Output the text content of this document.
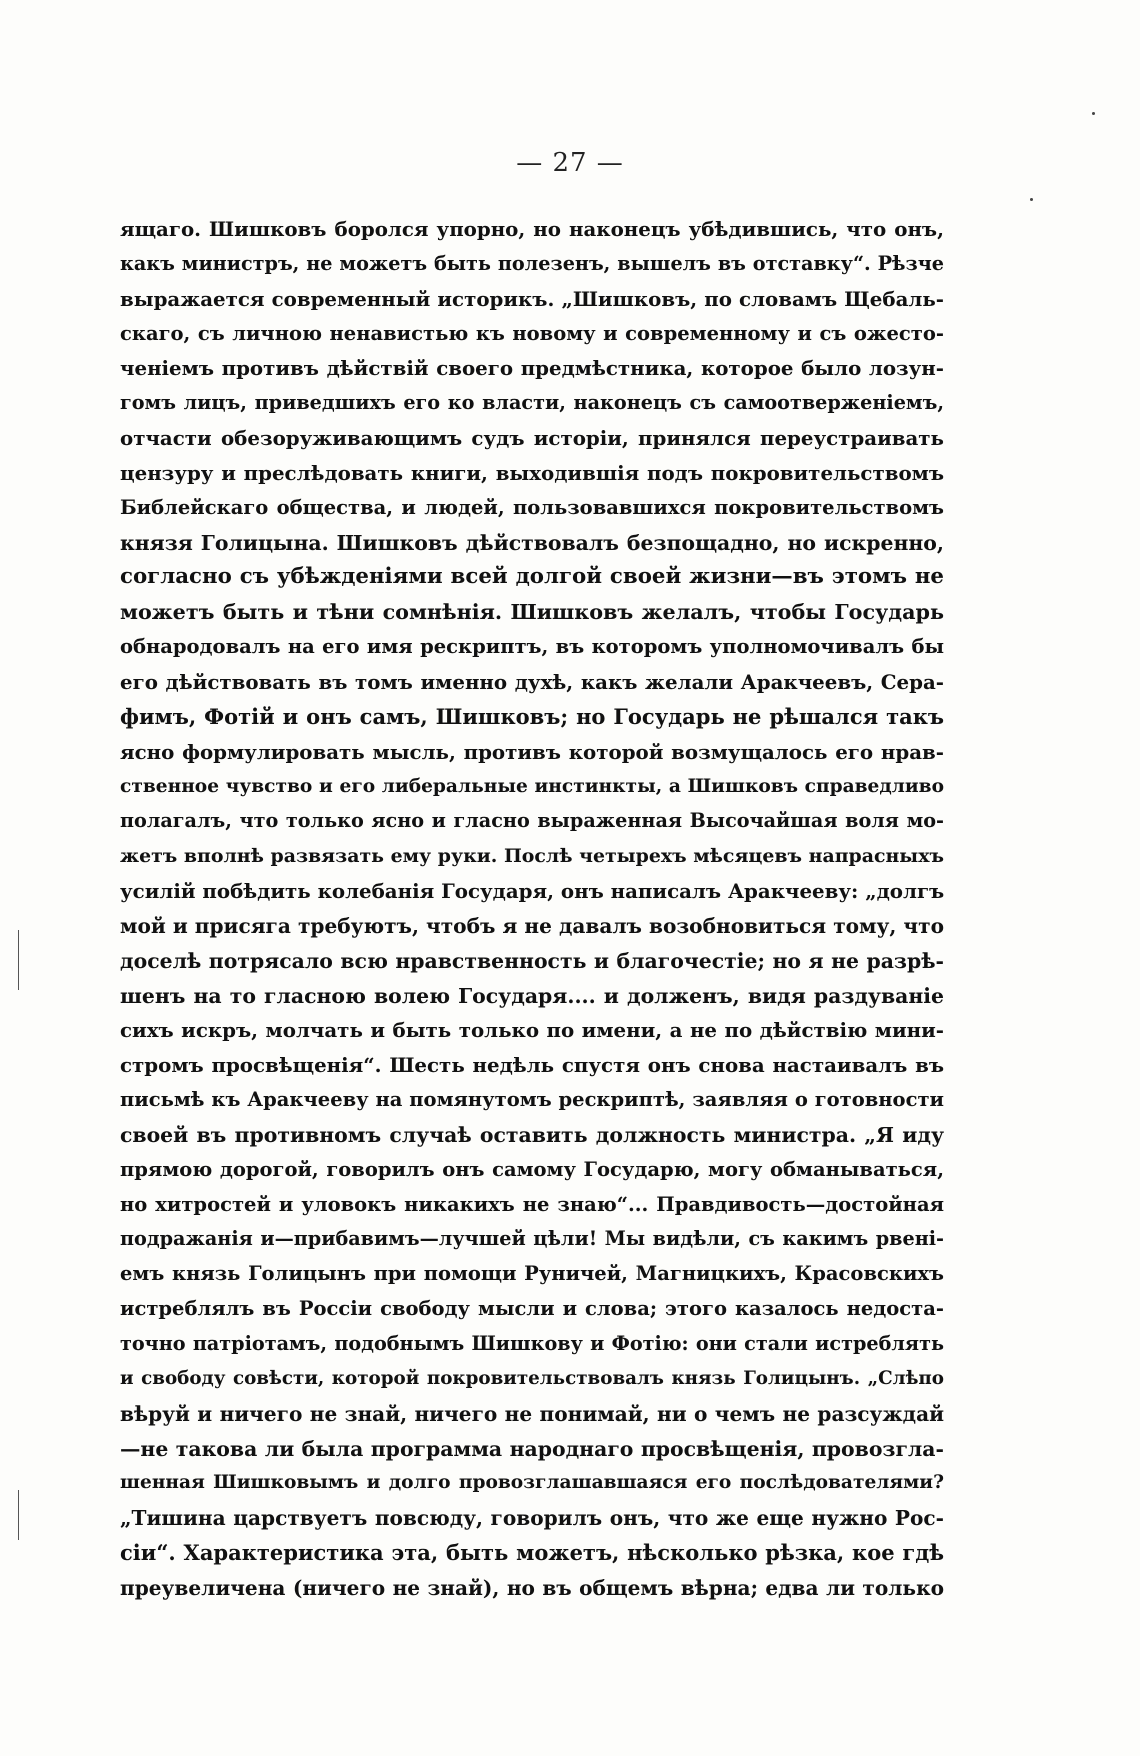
— 27 —
ящаго. Шишковъ боролся упорно, но наконецъ убѣдившись, что онъ,
какъ министръ, не можетъ быть полезенъ, вышелъ въ отставку“. Рѣзче
выражается современный историкъ. „Шишковъ, по словамъ Щебаль-
скаго, съ личною ненавистью къ новому и современному и съ ожесто-
ченіемъ противъ дѣйствій своего предмѣстника, которое было лозун-
гомъ лицъ, приведшихъ его ко власти, наконецъ съ самоотверженіемъ,
отчасти обезоруживающимъ судъ исторіи, принялся переустраивать
цензуру и преслѣдовать книги, выходившія подъ покровительствомъ
Библейскаго общества, и людей, пользовавшихся покровительствомъ
князя Голицына. Шишковъ дѣйствовалъ безпощадно, но искренно,
согласно съ убѣжденіями всей долгой своей жизни—въ этомъ не
можетъ быть и тѣни сомнѣнія. Шишковъ желалъ, чтобы Государь
обнародовалъ на его имя рескриптъ, въ которомъ уполномочивалъ бы
его дѣйствовать въ томъ именно духѣ, какъ желали Аракчеевъ, Сера-
фимъ, Фотій и онъ самъ, Шишковъ; но Государь не рѣшался такъ
ясно формулировать мысль, противъ которой возмущалось его нрав-
ственное чувство и его либеральные инстинкты, а Шишковъ справедливо
полагалъ, что только ясно и гласно выраженная Высочайшая воля мо-
жетъ вполнѣ развязать ему руки. Послѣ четырехъ мѣсяцевъ напрасныхъ
усилій побѣдить колебанія Государя, онъ написалъ Аракчееву: „долгъ
мой и присяга требуютъ, чтобъ я не давалъ возобновиться тому, что
доселѣ потрясало всю нравственность и благочестіе; но я не разрѣ-
шенъ на то гласною волею Государя.... и долженъ, видя раздуваніе
сихъ искръ, молчать и быть только по имени, а не по дѣйствію мини-
стромъ просвѣщенія“. Шесть недѣль спустя онъ снова настаивалъ въ
письмѣ къ Аракчееву на помянутомъ рескриптѣ, заявляя о готовности
своей въ противномъ случаѣ оставить должность министра. „Я иду
прямою дорогой, говорилъ онъ самому Государю, могу обманываться,
но хитростей и уловокъ никакихъ не знаю“... Правдивость—достойная
подражанія и—прибавимъ—лучшей цѣли! Мы видѣли, съ какимъ рвені-
емъ князь Голицынъ при помощи Руничей, Магницкихъ, Красовскихъ
истреблялъ въ Россіи свободу мысли и слова; этого казалось недоста-
точно патріотамъ, подобнымъ Шишкову и Фотію: они стали истреблять
и свободу совѣсти, которой покровительствовалъ князь Голицынъ. „Слѣпо
вѣруй и ничего не знай, ничего не понимай, ни о чемъ не разсуждай
—не такова ли была программа народнаго просвѣщенія, провозгла-
шенная Шишковымъ и долго провозглашавшаяся его послѣдователями?
„Тишина царствуетъ повсюду, говорилъ онъ, что же еще нужно Рос-
сіи“. Характеристика эта, быть можетъ, нѣсколько рѣзка, кое гдѣ
преувеличена (ничего не знай), но въ общемъ вѣрна; едва ли только
